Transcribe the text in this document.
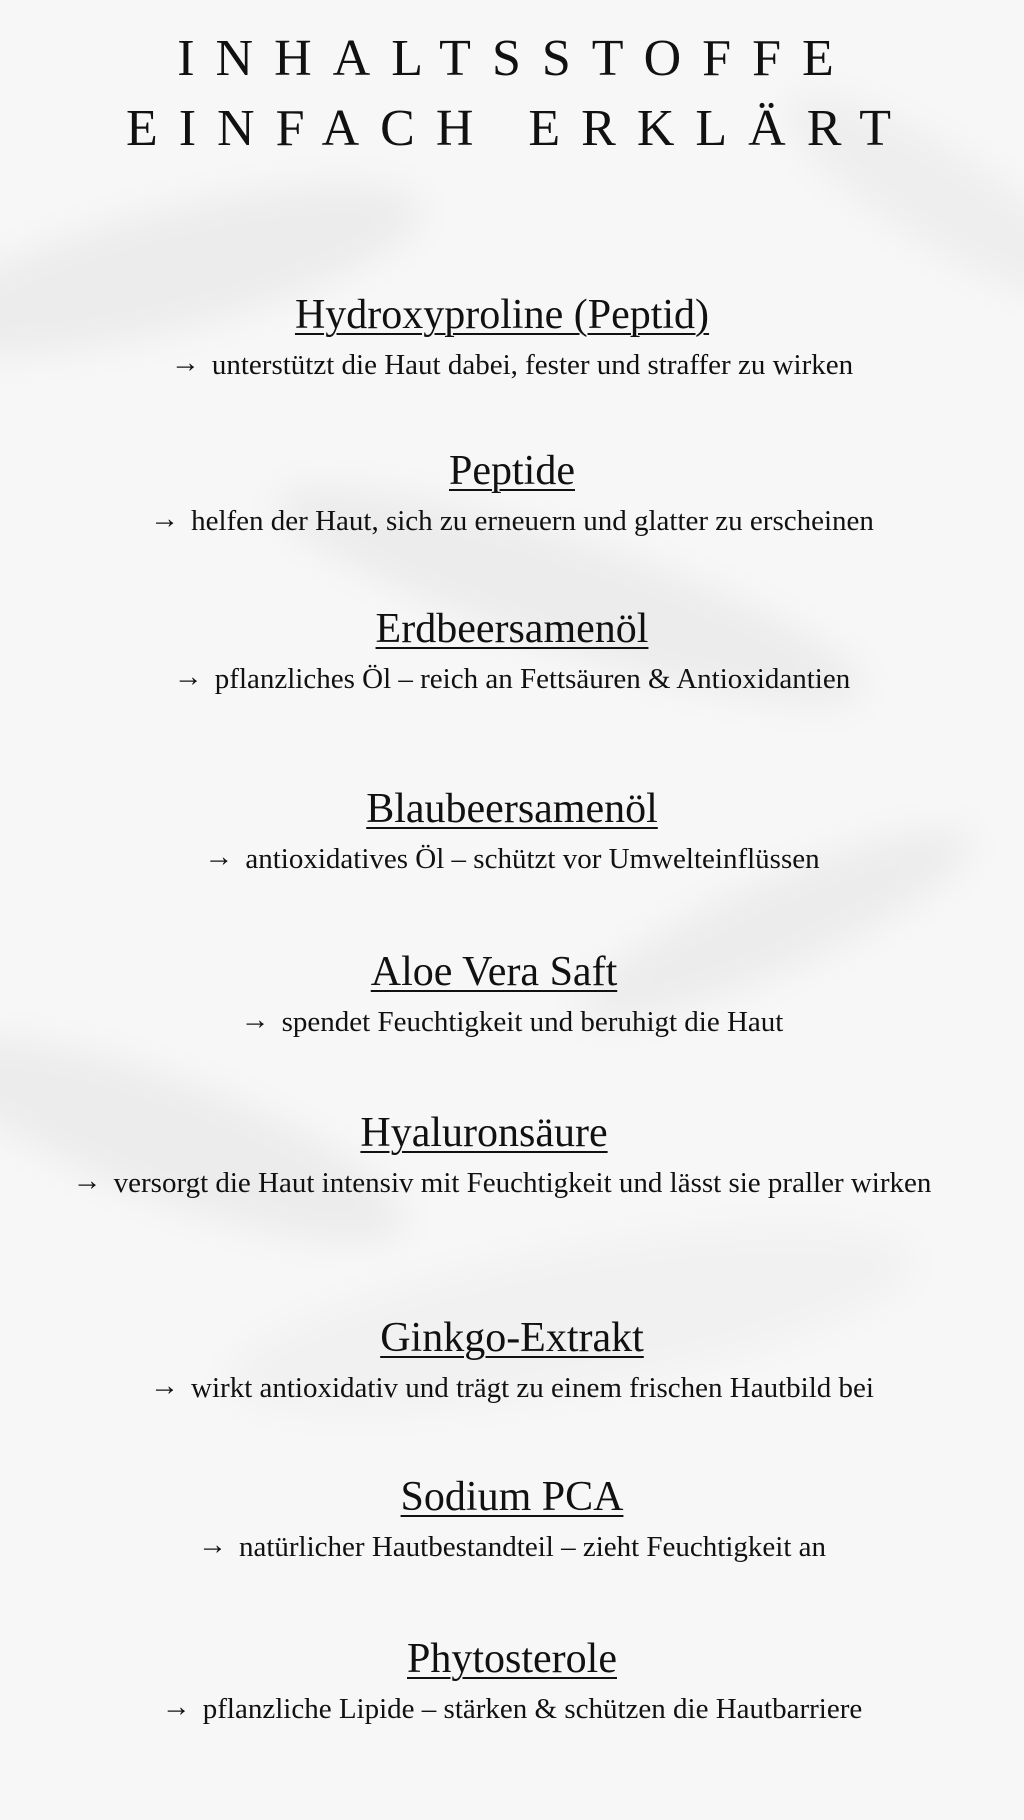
INHALTSSTOFFE
EINFACH ERKLÄRT
Hydroxyproline (Peptid)

→ unterstützt die Haut dabei, fester und straffer zu wirken

Peptide

→ helfen der Haut, sich zu erneuern und glatter zu erscheinen

Erdbeersamenöl

→ pflanzliches Öl – reich an Fettsäuren & Antioxidantien

Blaubeersamenöl

→ antioxidatives Öl – schützt vor Umwelteinflüssen

Aloe Vera Saft

→ spendet Feuchtigkeit und beruhigt die Haut

Hyaluronsäure

→ versorgt die Haut intensiv mit Feuchtigkeit und lässt sie praller wirken

Ginkgo-Extrakt

→ wirkt antioxidativ und trägt zu einem frischen Hautbild bei

Sodium PCA

→ natürlicher Hautbestandteil – zieht Feuchtigkeit an

Phytosterole

→ pflanzliche Lipide – stärken & schützen die Hautbarriere
